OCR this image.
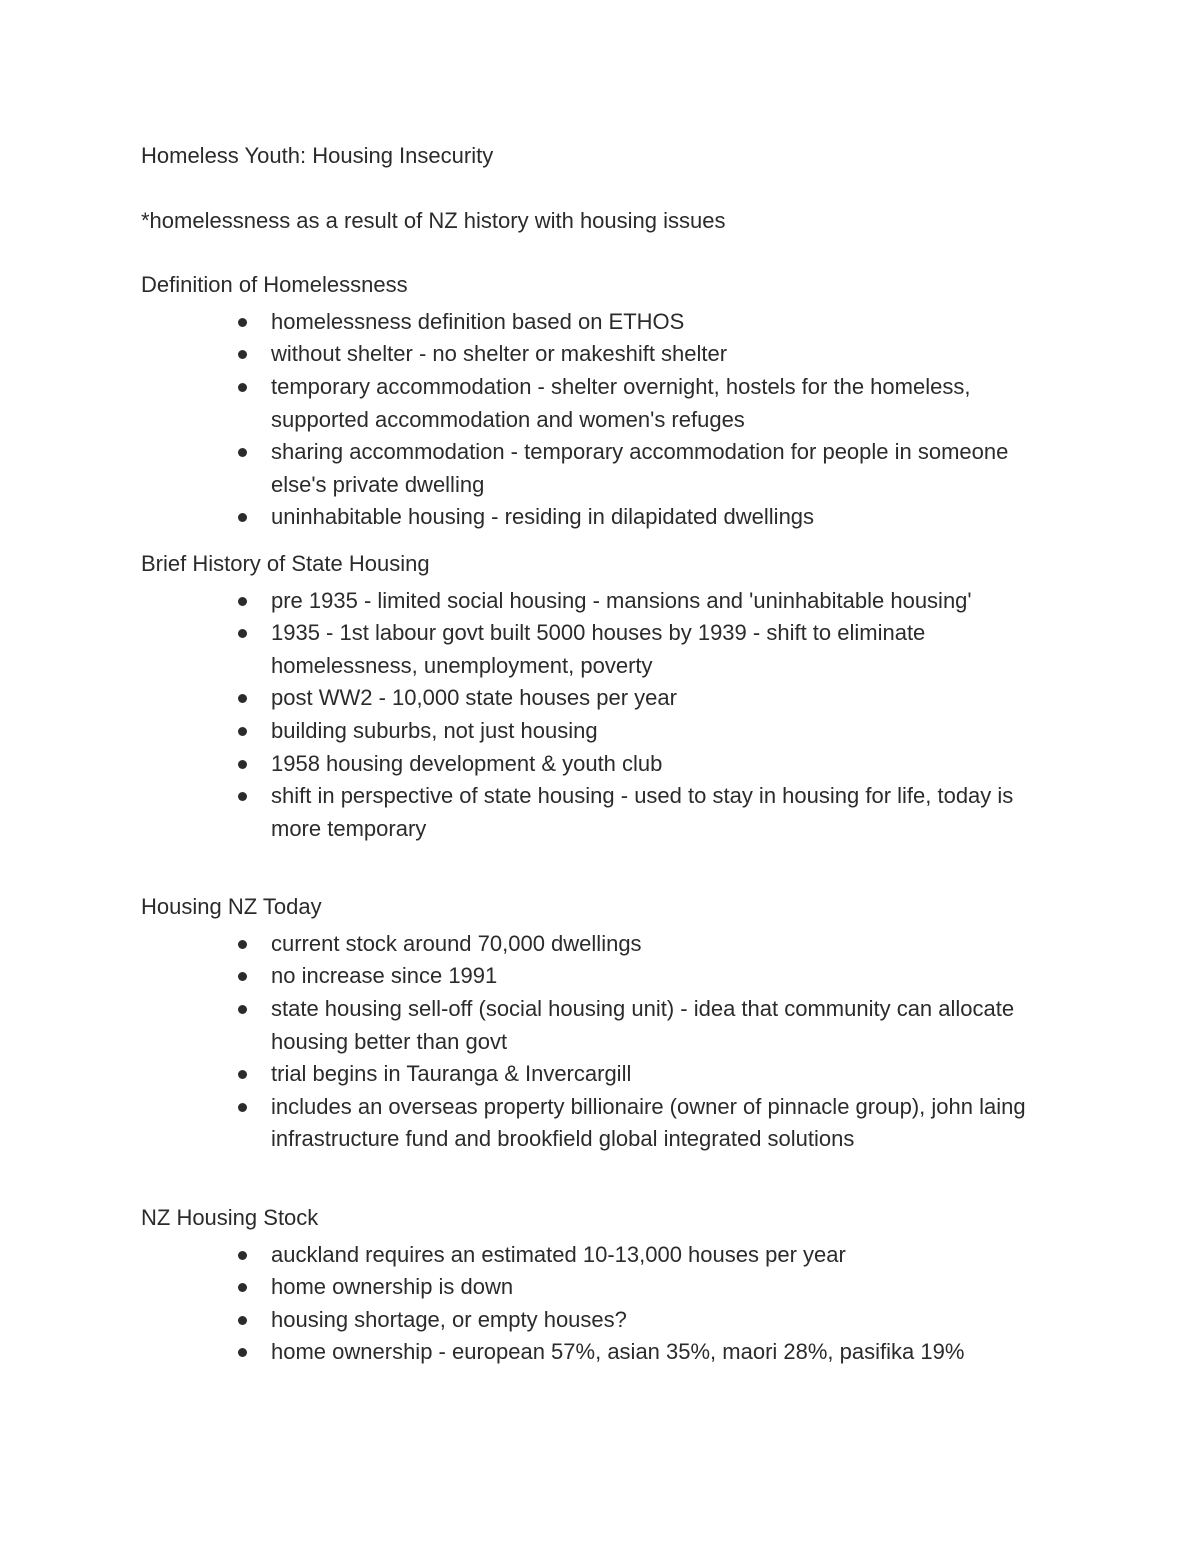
Homeless Youth: Housing Insecurity

*homelessness as a result of NZ history with housing issues

Definition of Homelessness
homelessness definition based on ETHOS
without shelter - no shelter or makeshift shelter
temporary accommodation - shelter overnight, hostels for the homeless, supported accommodation and women's refuges
sharing accommodation - temporary accommodation for people in someone else's private dwelling
uninhabitable housing - residing in dilapidated dwellings
Brief History of State Housing
pre 1935 - limited social housing - mansions and 'uninhabitable housing'
1935 - 1st labour govt built 5000 houses by 1939 - shift to eliminate homelessness, unemployment, poverty
post WW2 - 10,000 state houses per year
building suburbs, not just housing
1958 housing development & youth club
shift in perspective of state housing - used to stay in housing for life, today is more temporary
Housing NZ Today
current stock around 70,000 dwellings
no increase since 1991
state housing sell-off (social housing unit) - idea that community can allocate housing better than govt
trial begins in Tauranga & Invercargill
includes an overseas property billionaire (owner of pinnacle group), john laing infrastructure fund and brookfield global integrated solutions
NZ Housing Stock
auckland requires an estimated 10-13,000 houses per year
home ownership is down
housing shortage, or empty houses?
home ownership - european 57%, asian 35%, maori 28%, pasifika 19%
